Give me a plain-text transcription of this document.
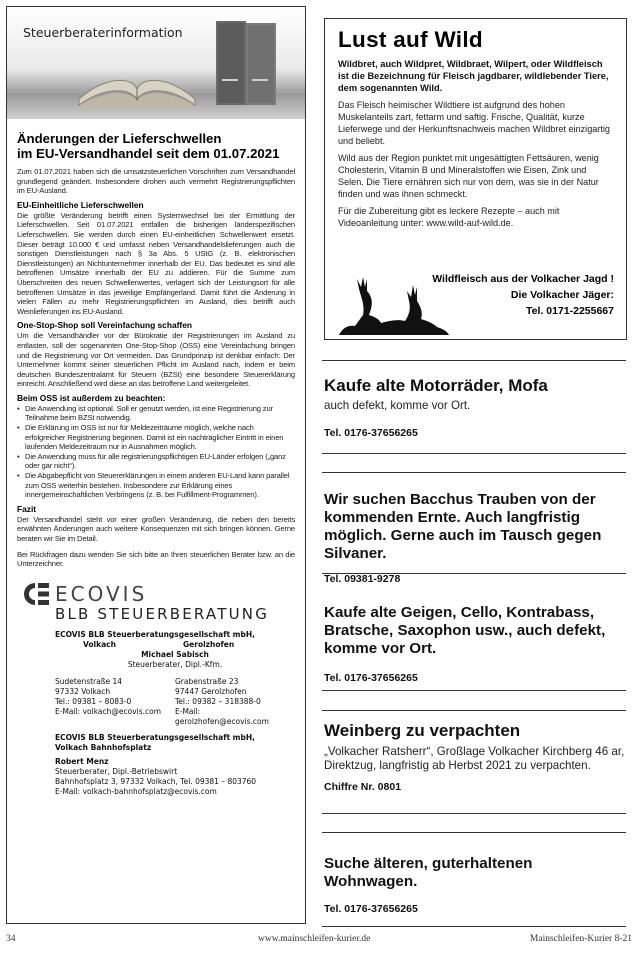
Steuerberaterinformation
Änderungen der Lieferschwellen
im EU-Versandhandel seit dem 01.07.2021

Zum 01.07.2021 haben sich die umsatzsteuerlichen Vorschriften zum Versandhandel grundlegend geändert. Insbesondere drohen auch vermehrt Registrierungspflichten im EU-Ausland.

EU-Einheitliche Lieferschwellen

Die größte Veränderung betrifft einen Systemwechsel bei der Ermittlung der Lieferschwellen. Seit 01.07.2021 entfallen die bisherigen länderspezifischen Lieferschwellen. Sie werden durch einen EU-einheitlichen Schwellenwert ersetzt. Dieser beträgt 10.000 € und umfasst neben Versandhandelslieferungen auch die sonstigen Dienstleistungen nach § 3a Abs. 5 UStG (z. B. elektronischen Dienstleistungen) an Nichtunternehmer innerhalb der EU. Das bedeutet es sind alle betroffenen Umsätze innerhalb der EU zu addieren. Für die Summe zum Überschreiten des neuen Schwellenwertes, verlagert sich der Leistungsort für alle betroffenen Umsätze in das jeweilige Empfängerland. Damit führt die Änderung in vielen Fällen zu mehr Registrierungspflichten im Ausland, dies betrifft auch Weinlieferungen ins EU-Ausland.

One-Stop-Shop soll Vereinfachung schaffen

Um die Versandhändler vor der Bürokratie der Registrierungen im Ausland zu entlasten, soll der sogenannten One-Stop-Shop (OSS) eine Vereinfachung bringen und die Registrierung vor Ort vermeiden. Das Grundprinzip ist denkbar einfach: Der Unternehmer kommt seiner steuerlichen Pflicht im Ausland nach, indem er beim deutschen Bundeszentralamt für Steuern (BZSt) eine besondere Steuererklärung einreicht. Anschließend wird diese an das betroffene Land weitergeleitet.

Beim OSS ist außerdem zu beachten:
• Die Anwendung ist optional. Soll er genutzt werden, ist eine Registrierung zur Teilnahme beim BZSt notwendig.
• Die Erklärung im OSS ist nur für Meldezeiträume möglich, welche nach erfolgreicher Registrierung beginnen. Damit ist ein nachträglicher Eintritt in einen laufenden Meldezeitraum nur in Ausnahmen möglich.
• Die Anwendung muss für alle registrierungspflichtigen EU-Länder erfolgen („ganz oder gar nicht“).
• Die Abgabepflicht von Steuererklärungen in einem anderen EU-Land kann parallel zum OSS weiterhin bestehen. Insbesondere zur Erklärung eines innergemeinschaftlichen Verbringens (z. B. bei Fulfillment-Programmen).
Fazit

Der Versandhandel steht vor einer großen Veränderung, die neben den bereits erwähnten Änderungen auch weitere Konsequenzen mit sich bringen können. Gerne beraten wir Sie im Detail.

Bei Rückfragen dazu wenden Sie sich bitte an Ihren steuerlichen Berater bzw. an die Unterzeichner.

ECOVIS
BLB STEUERBERATUNG
ECOVIS BLB Steuerberatungsgesellschaft mbH,
Volkach	Gerolzhofen
Michael Sabisch
Steuerberater, Dipl.-Kfm.
Sudetenstraße 14
97332 Volkach
Tel.: 09381 – 8083-0
E-Mail: volkach@ecovis.com
Grabenstraße 23
97447 Gerolzhofen
Tel.: 09382 – 318388-0
E-Mail: gerolzhofen@ecovis.com
ECOVIS BLB Steuerberatungsgesellschaft mbH,
Volkach Bahnhofsplatz
Robert Menz
Steuerberater, Dipl.-Betriebswirt
Bahnhofsplatz 3, 97332 Volkach, Tel. 09381 – 803760
E-Mail: volkach-bahnhofsplatz@ecovis.com
Lust auf Wild

Wildbret, auch Wildpret, Wildbraet, Wilpert, oder Wildfleisch ist die Bezeichnung für Fleisch jagdbarer, wildlebender Tiere, dem sogenannten Wild.

Das Fleisch heimischer Wildtiere ist aufgrund des hohen Muskelanteils zart, fettarm und saftig. Frische, Qualität, kurze Lieferwege und der Herkunftsnachweis machen Wildbret einzigartig und beliebt.

Wild aus der Region punktet mit ungesättigten Fettsäuren, wenig Cholesterin, Vitamin B und Mineralstoffen wie Eisen, Zink und Selen. Die Tiere ernähren sich nur von dem, was sie in der Natur finden und was ihnen schmeckt.

Für die Zubereitung gibt es leckere Rezepte – auch mit Videoanleitung unter: www.wild-auf-wild.de.

Wildfleisch aus der Volkacher Jagd !
Die Volkacher Jäger:
Tel. 0171-2255667
Kaufe alte Motorräder, Mofa
auch defekt, komme vor Ort.
Tel. 0176-37656265
Wir suchen Bacchus Trauben von der kommenden Ernte. Auch langfristig möglich. Gerne auch im Tausch gegen Silvaner.
Tel. 09381-9278
Kaufe alte Geigen, Cello, Kontrabass, Bratsche, Saxophon usw., auch defekt, komme vor Ort.
Tel. 0176-37656265
Weinberg zu verpachten
„Volkacher Ratsherr“, Großlage Volkacher Kirchberg 46 ar, Direktzug, langfristig ab Herbst 2021 zu verpachten.
Chiffre Nr. 0801
Suche älteren, guterhaltenen Wohnwagen.
Tel. 0176-37656265
34	www.mainschleifen-kurier.de	Mainschleifen-Kurier 8-21
